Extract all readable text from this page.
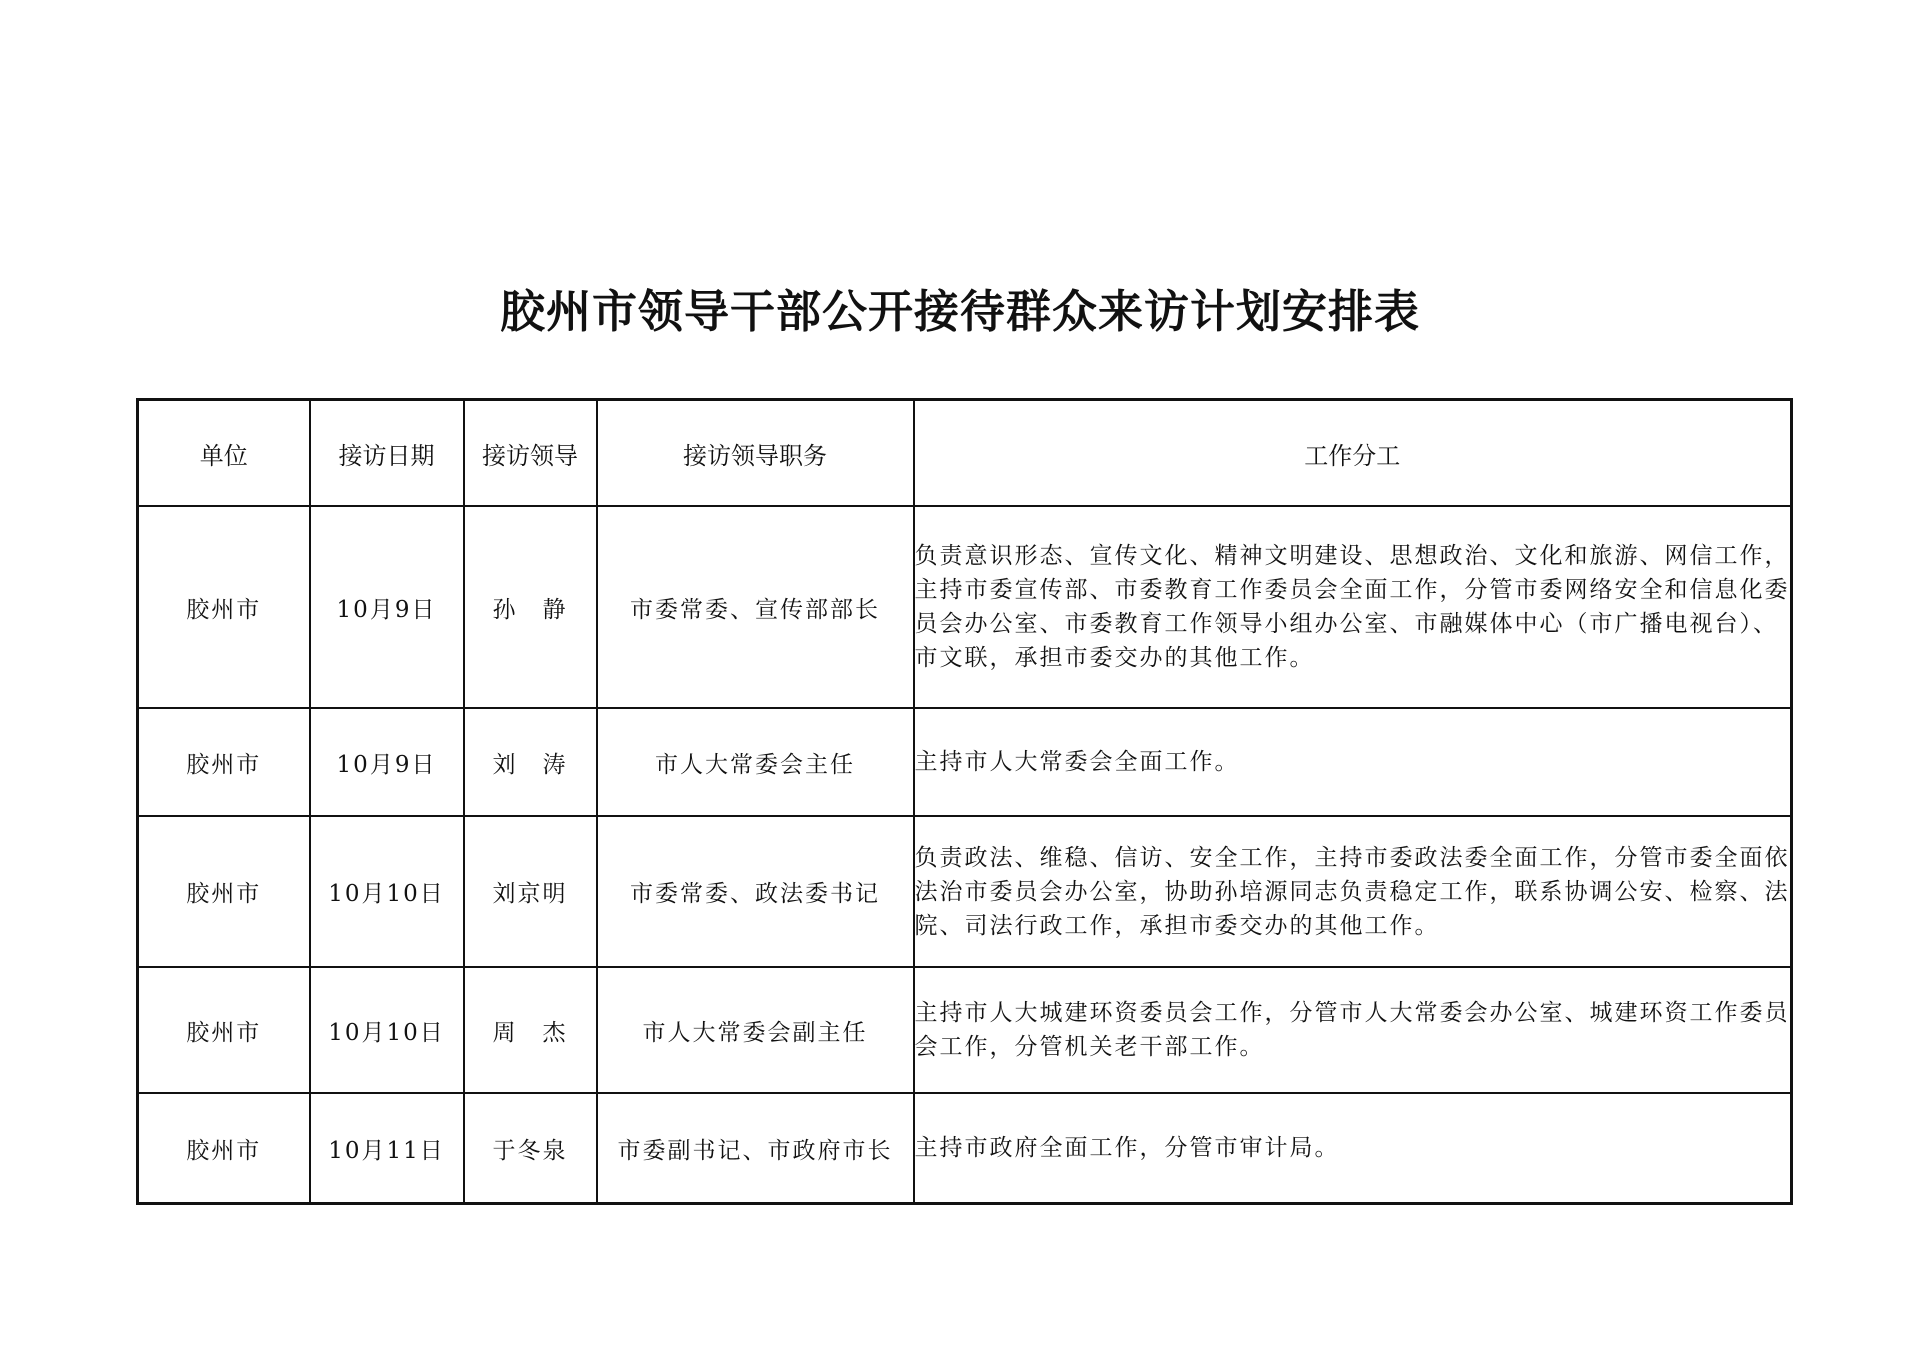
胶州市领导干部公开接待群众来访计划安排表
单位	接访日期	接访领导	接访领导职务	工作分工
胶州市	10月9日	孙　静	市委常委、宣传部部长	负责意识形态、宣传文化、精神文明建设、思想政治、文化和旅游、网信工作，主持市委宣传部、市委教育工作委员会全面工作，分管市委网络安全和信息化委员会办公室、市委教育工作领导小组办公室、市融媒体中心（市广播电视台）、市文联，承担市委交办的其他工作。
胶州市	10月9日	刘　涛	市人大常委会主任	主持市人大常委会全面工作。
胶州市	10月10日	刘京明	市委常委、政法委书记	负责政法、维稳、信访、安全工作，主持市委政法委全面工作，分管市委全面依法治市委员会办公室，协助孙培源同志负责稳定工作，联系协调公安、检察、法院、司法行政工作，承担市委交办的其他工作。
胶州市	10月10日	周　杰	市人大常委会副主任	主持市人大城建环资委员会工作，分管市人大常委会办公室、城建环资工作委员会工作，分管机关老干部工作。
胶州市	10月11日	于冬泉	市委副书记、市政府市长	主持市政府全面工作，分管市审计局。
